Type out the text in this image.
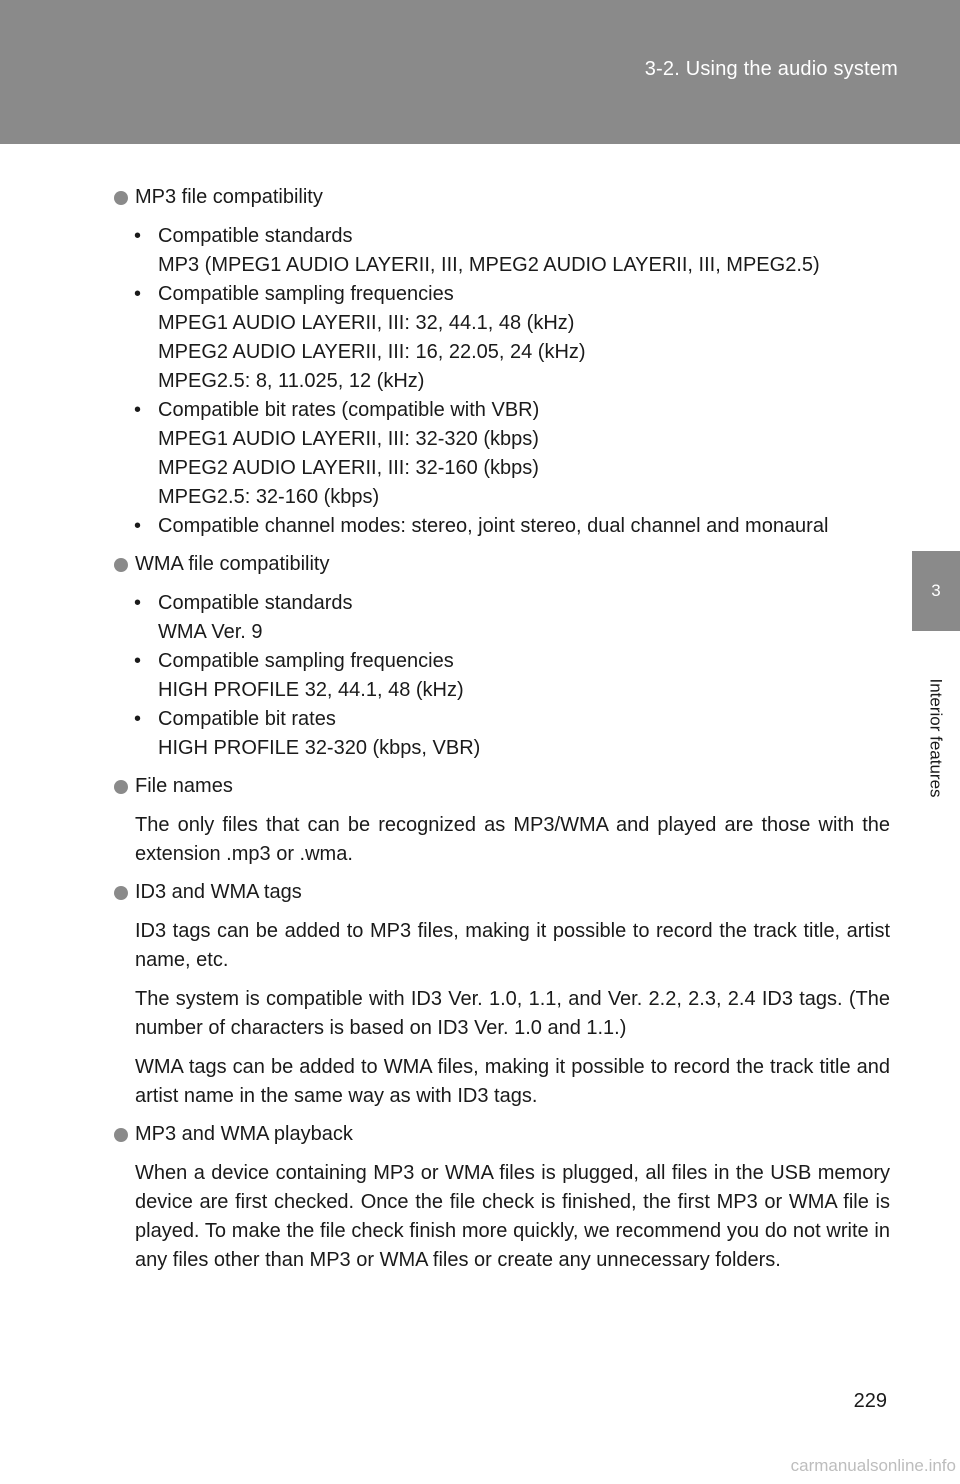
3-2. Using the audio system
3
Interior features

MP3 file compatibility

• Compatible standards
MP3 (MPEG1 AUDIO LAYERII, III, MPEG2 AUDIO LAYERII, III, MPEG2.5)
• Compatible sampling frequencies
MPEG1 AUDIO LAYERII, III: 32, 44.1, 48 (kHz)
MPEG2 AUDIO LAYERII, III: 16, 22.05, 24 (kHz)
MPEG2.5: 8, 11.025, 12 (kHz)
• Compatible bit rates (compatible with VBR)
MPEG1 AUDIO LAYERII, III: 32-320 (kbps)
MPEG2 AUDIO LAYERII, III: 32-160 (kbps)
MPEG2.5: 32-160 (kbps)
• Compatible channel modes: stereo, joint stereo, dual channel and monaural

WMA file compatibility

• Compatible standards
WMA Ver. 9
• Compatible sampling frequencies
HIGH PROFILE 32, 44.1, 48 (kHz)
• Compatible bit rates
HIGH PROFILE 32-320 (kbps, VBR)

File names

The only files that can be recognized as MP3/WMA and played are those with the extension .mp3 or .wma.

ID3 and WMA tags

ID3 tags can be added to MP3 files, making it possible to record the track title, artist name, etc.

The system is compatible with ID3 Ver. 1.0, 1.1, and Ver. 2.2, 2.3, 2.4 ID3 tags. (The number of characters is based on ID3 Ver. 1.0 and 1.1.)

WMA tags can be added to WMA files, making it possible to record the track title and artist name in the same way as with ID3 tags.

MP3 and WMA playback

When a device containing MP3 or WMA files is plugged, all files in the USB memory device are first checked. Once the file check is finished, the first MP3 or WMA file is played. To make the file check finish more quickly, we recommend you do not write in any files other than MP3 or WMA files or create any unnecessary folders.

229
carmanualsonline.info
